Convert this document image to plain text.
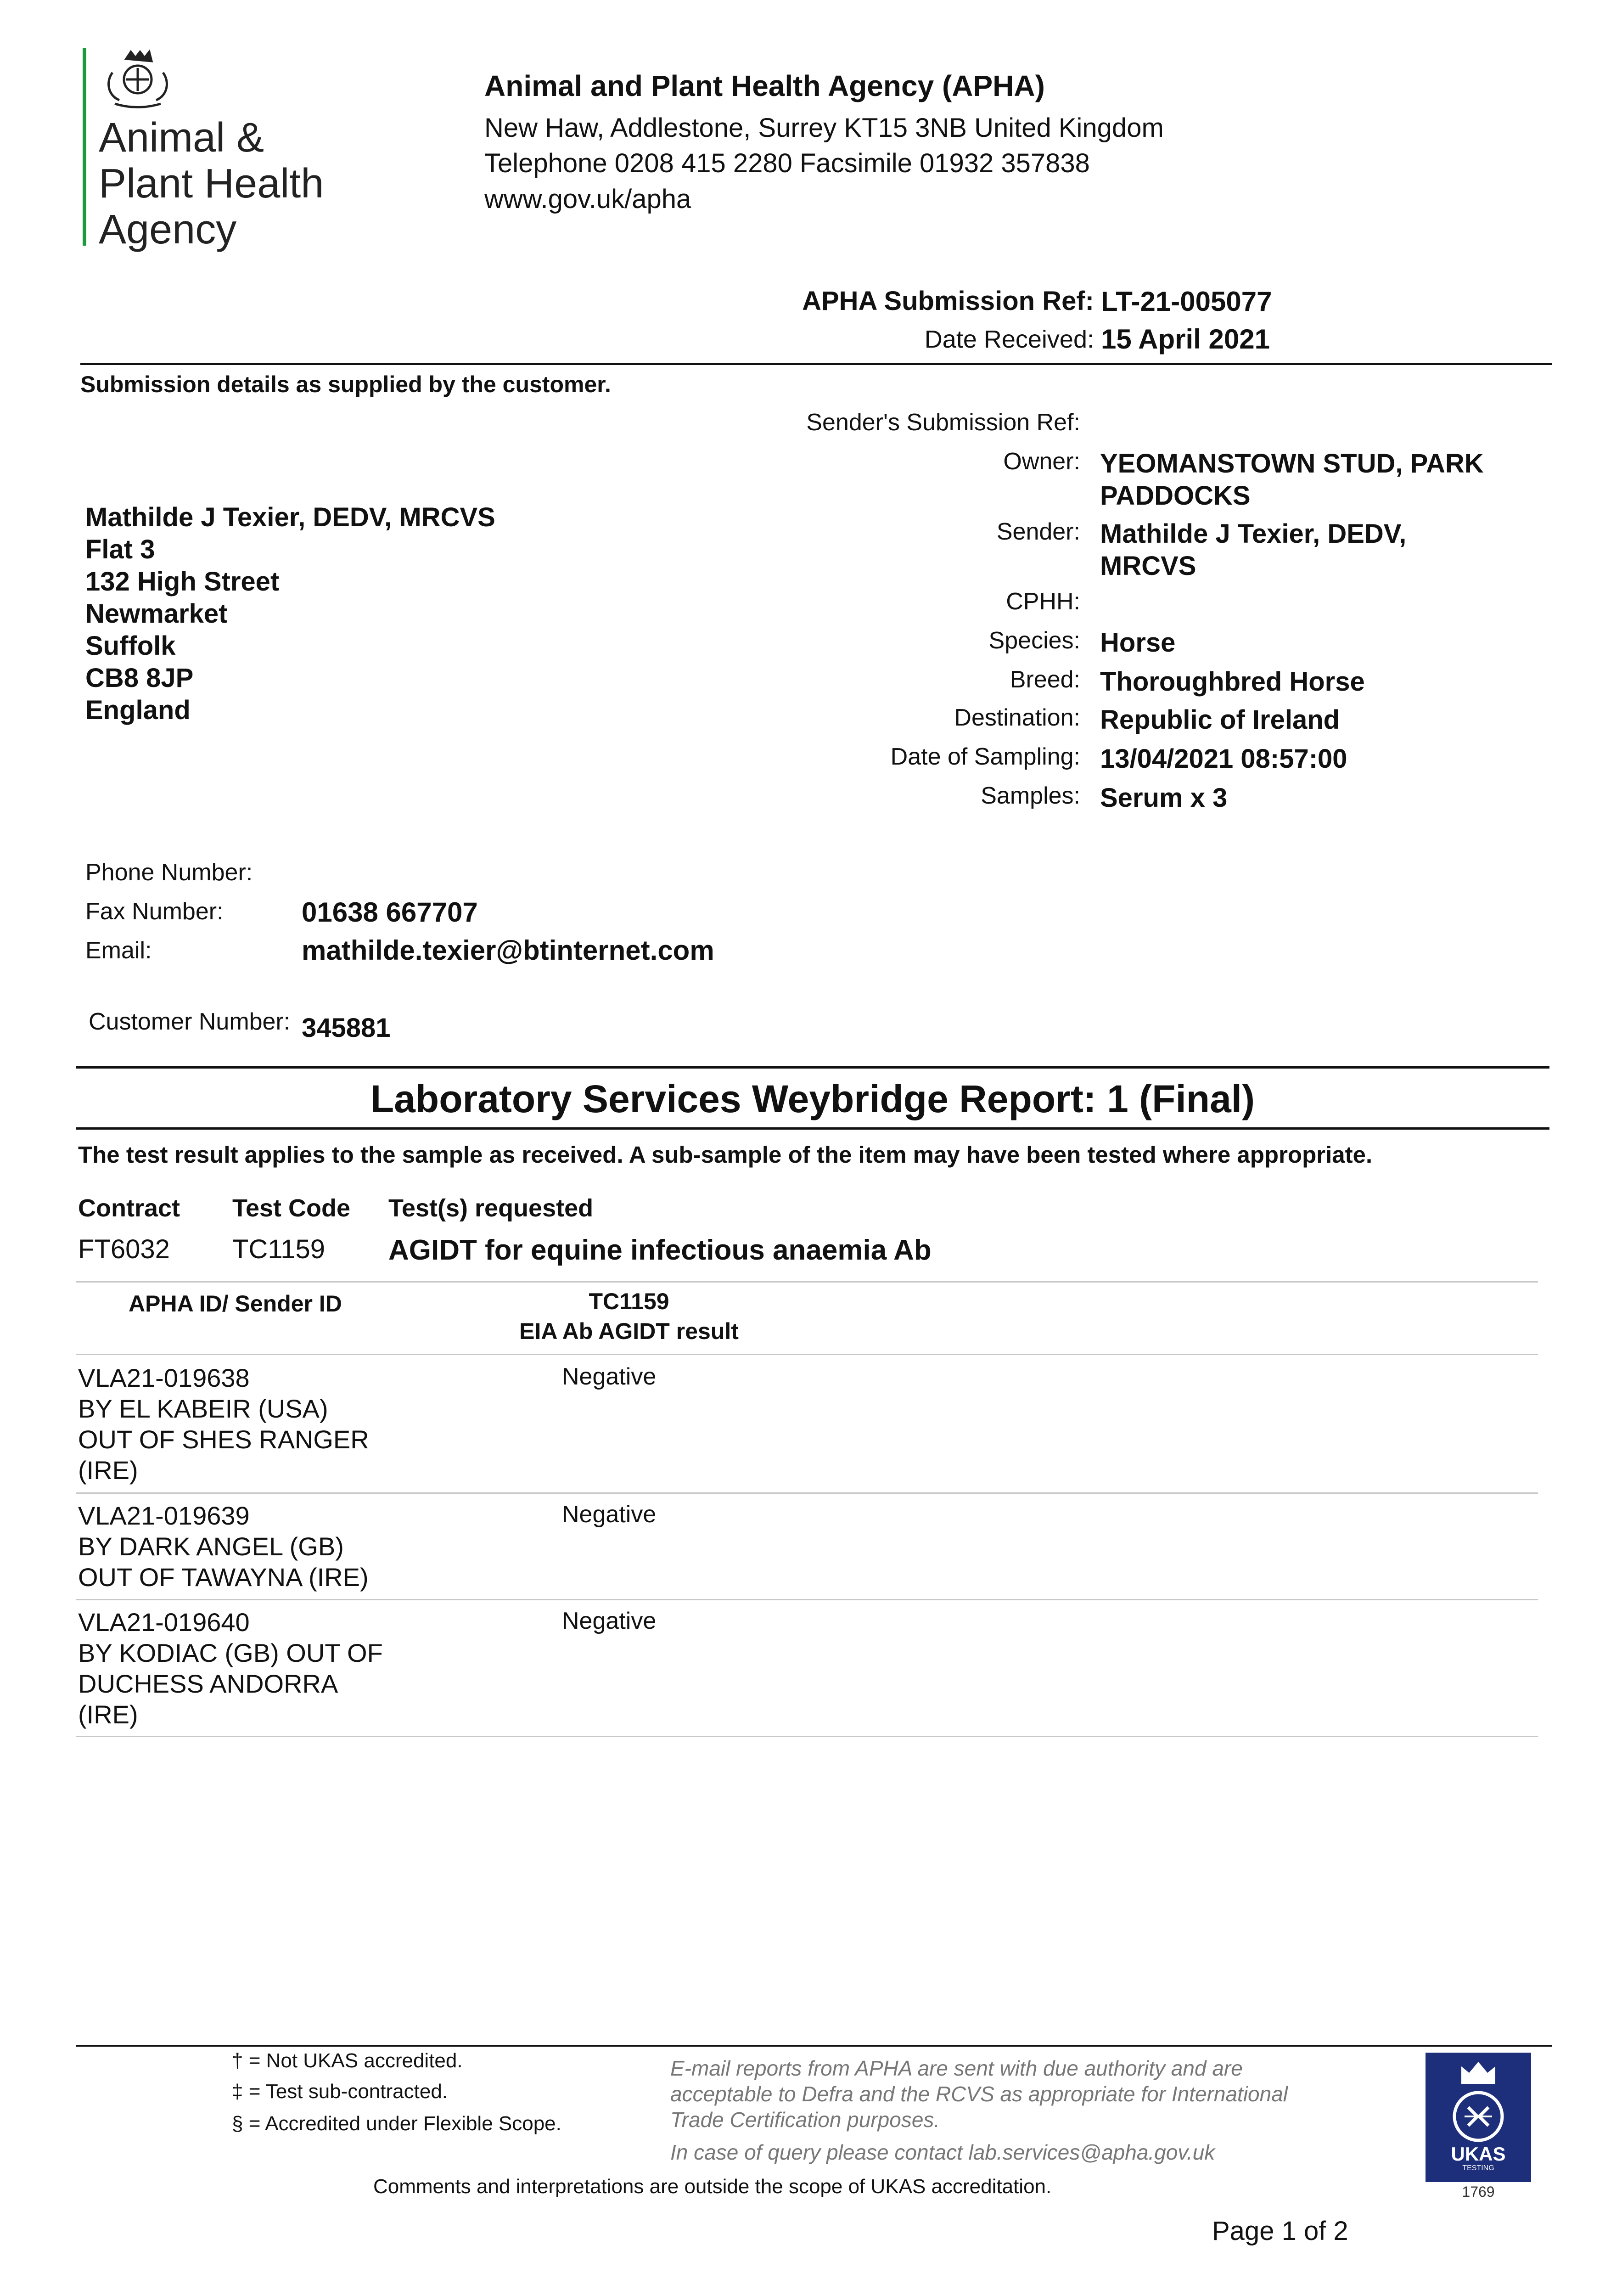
Animal &
Plant Health
Agency
Animal and Plant Health Agency (APHA)
New Haw, Addlestone, Surrey KT15 3NB United Kingdom
Telephone 0208 415 2280 Facsimile 01932 357838
www.gov.uk/apha
APHA Submission Ref: LT-21-005077
Date Received: 15 April 2021
Submission details as supplied by the customer.
Mathilde J Texier, DEDV, MRCVS
Flat 3
132 High Street
Newmarket
Suffolk
CB8 8JP
England
Sender's Submission Ref:
Owner: YEOMANSTOWN STUD, PARK
PADDOCKS
Sender: Mathilde J Texier, DEDV,
MRCVS
CPHH:
Species: Horse
Breed: Thoroughbred Horse
Destination: Republic of Ireland
Date of Sampling: 13/04/2021 08:57:00
Samples: Serum x 3
Phone Number:
Fax Number:	01638 667707
Email:	mathilde.texier@btinternet.com
Customer Number: 345881
Laboratory Services Weybridge Report: 1 (Final)
The test result applies to the sample as received. A sub-sample of the item may have been tested where appropriate.
Contract Test Code Test(s) requested
FT6032 TC1159 AGIDT for equine infectious anaemia Ab
APHA ID/ Sender ID	TC1159
EIA Ab AGIDT result
VLA21-019638
BY EL KABEIR (USA)
OUT OF SHES RANGER
(IRE)
Negative
VLA21-019639
BY DARK ANGEL (GB)
OUT OF TAWAYNA (IRE)
Negative
VLA21-019640
BY KODIAC (GB) OUT OF
DUCHESS ANDORRA
(IRE)
Negative
† = Not UKAS accredited.
‡ = Test sub-contracted.
§ = Accredited under Flexible Scope.
E-mail reports from APHA are sent with due authority and are
acceptable to Defra and the RCVS as appropriate for International
Trade Certification purposes.
In case of query please contact lab.services@apha.gov.uk
Comments and interpretations are outside the scope of UKAS accreditation.
UKAS
TESTING
1769
Page 1 of 2
